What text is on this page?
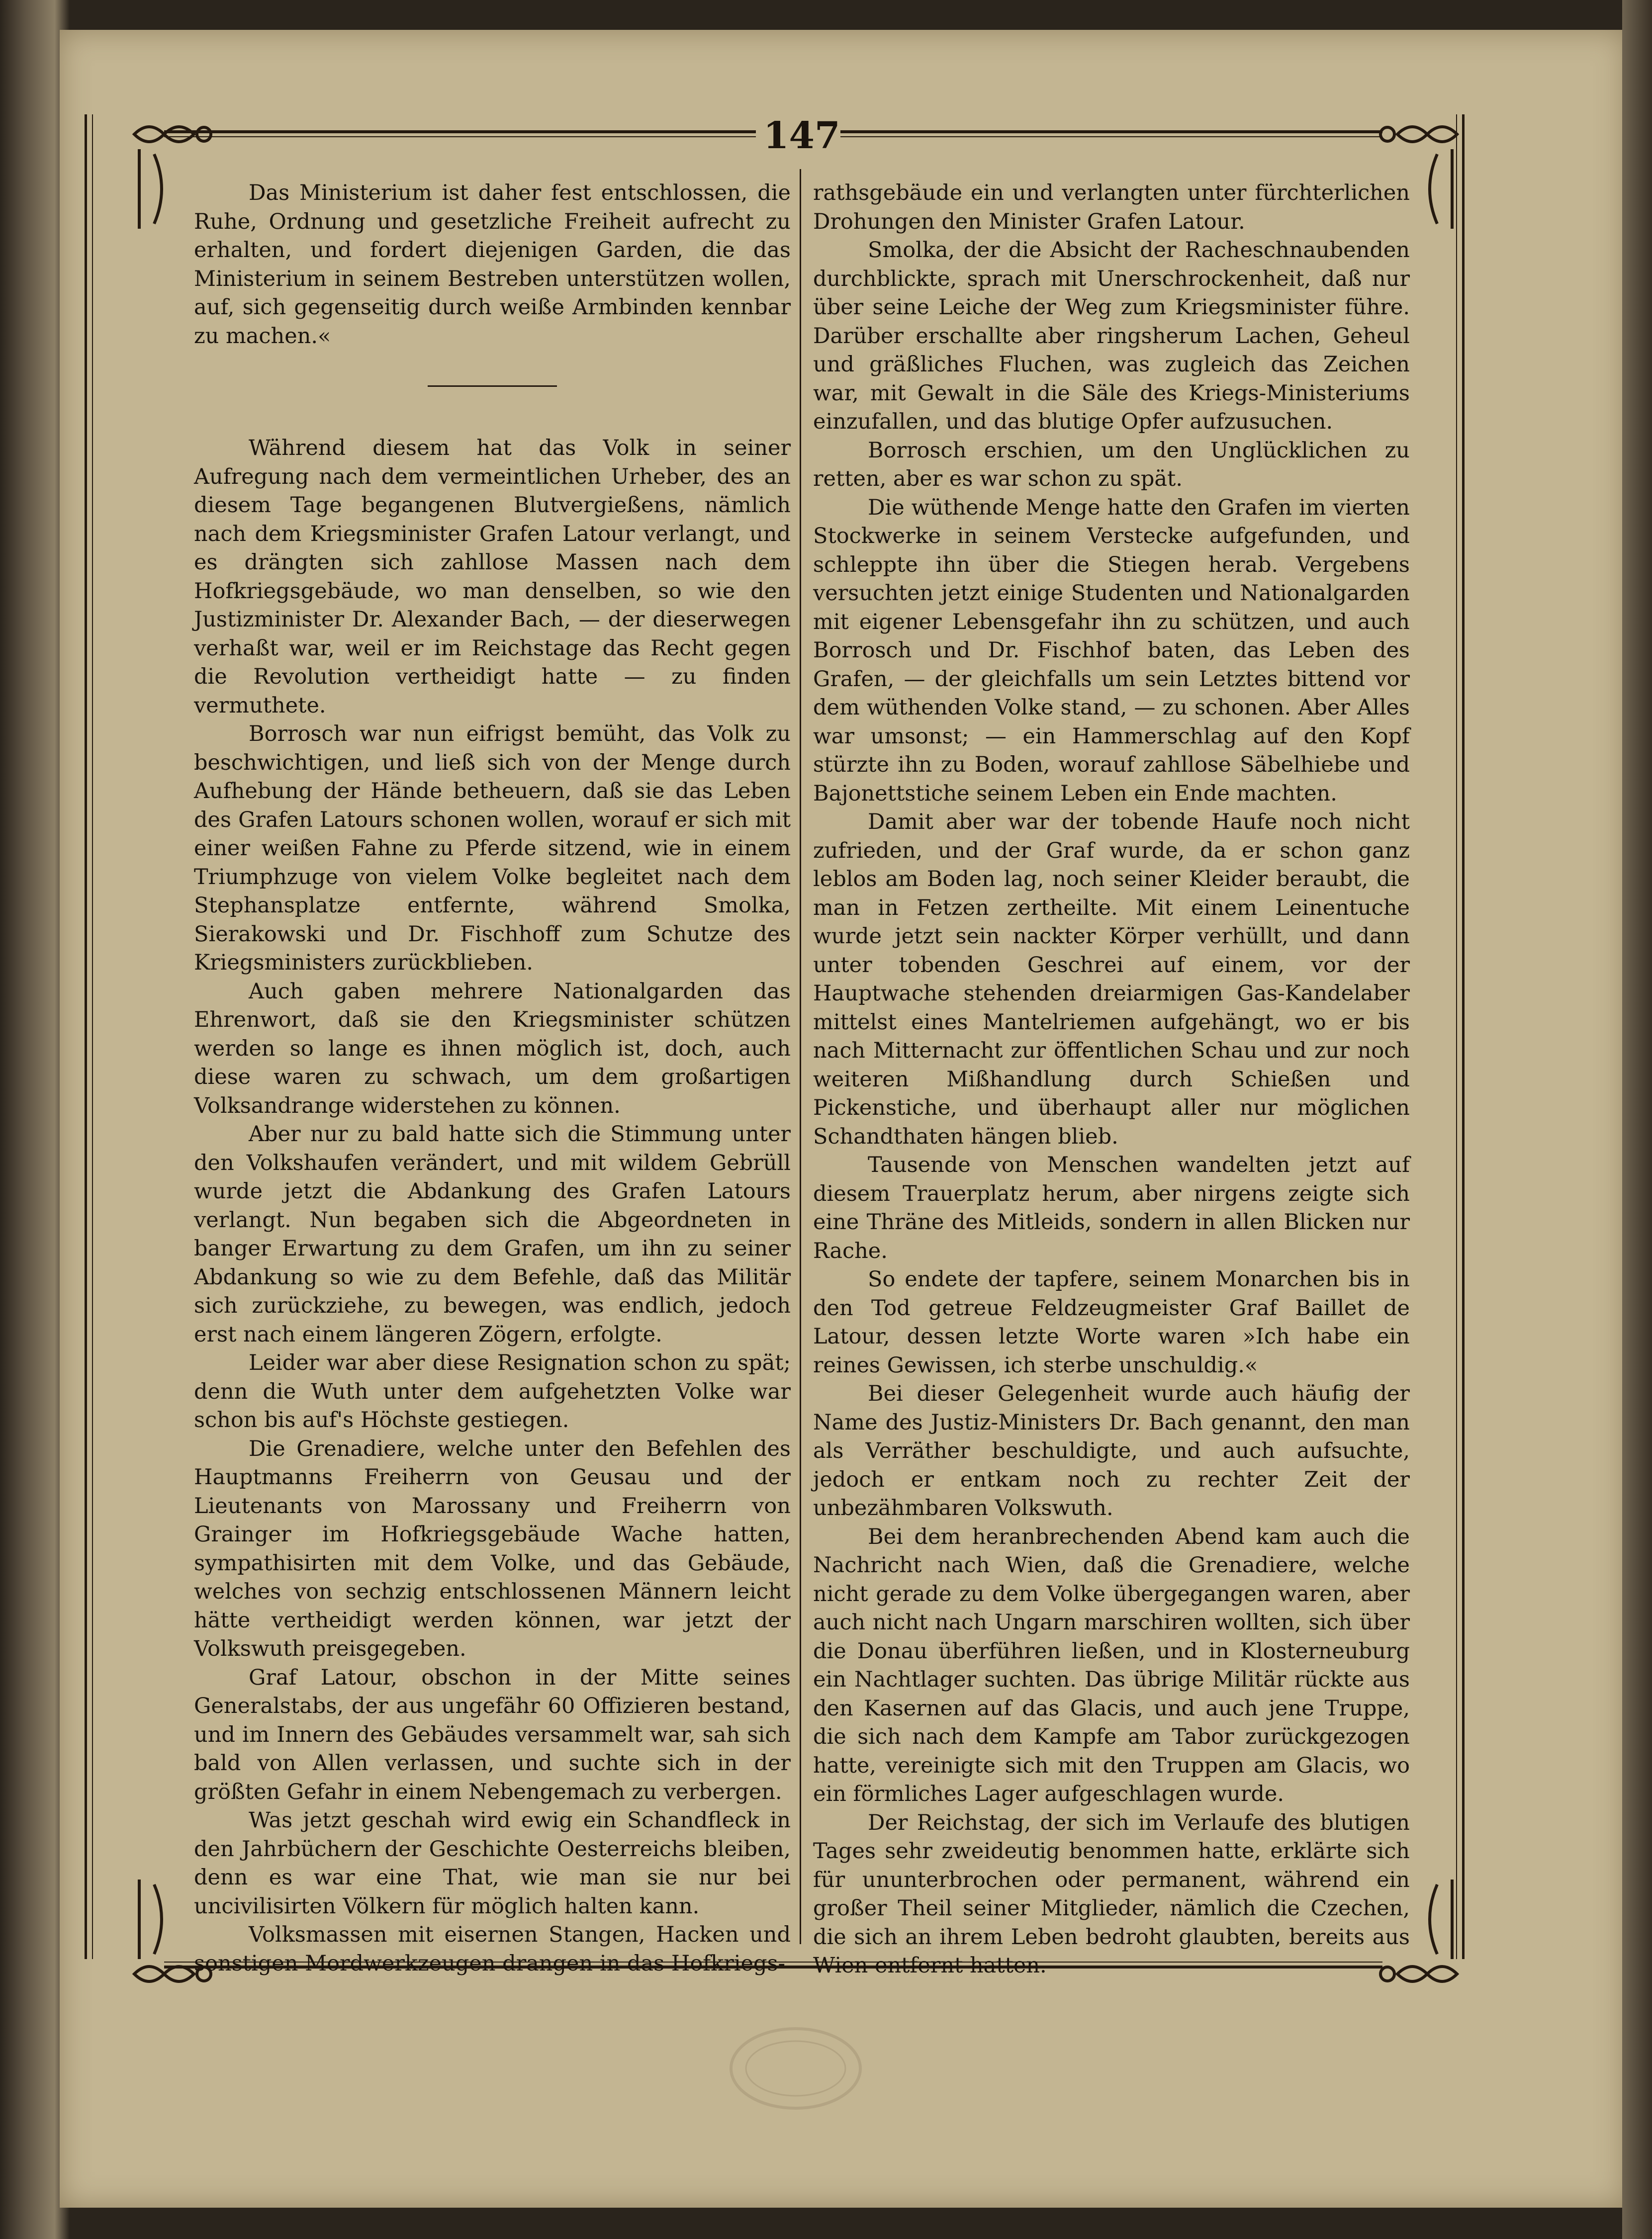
147

Das Ministerium ist daher fest entschlossen, die Ruhe, Ordnung und gesetzliche Freiheit aufrecht zu erhalten, und fordert diejenigen Garden, die das Ministerium in seinem Bestreben unterstützen wollen, auf, sich gegenseitig durch weiße Armbinden kennbar zu machen.«

Während diesem hat das Volk in seiner Aufregung nach dem vermeintlichen Urheber, des an diesem Tage begangenen Blutvergießens, nämlich nach dem Kriegsminister Grafen Latour verlangt, und es drängten sich zahllose Massen nach dem Hofkriegsgebäude, wo man denselben, so wie den Justizminister Dr. Alexander Bach, — der dieserwegen verhaßt war, weil er im Reichstage das Recht gegen die Revolution vertheidigt hatte — zu finden vermuthete.

Borrosch war nun eifrigst bemüht, das Volk zu beschwichtigen, und ließ sich von der Menge durch Aufhebung der Hände betheuern, daß sie das Leben des Grafen Latours schonen wollen, worauf er sich mit einer weißen Fahne zu Pferde sitzend, wie in einem Triumphzuge von vielem Volke begleitet nach dem Stephansplatze entfernte, während Smolka, Sierakowski und Dr. Fischhoff zum Schutze des Kriegsministers zurückblieben.

Auch gaben mehrere Nationalgarden das Ehrenwort, daß sie den Kriegsminister schützen werden so lange es ihnen möglich ist, doch, auch diese waren zu schwach, um dem großartigen Volksandrange widerstehen zu können.

Aber nur zu bald hatte sich die Stimmung unter den Volkshaufen verändert, und mit wildem Gebrüll wurde jetzt die Abdankung des Grafen Latours verlangt. Nun begaben sich die Abgeordneten in banger Erwartung zu dem Grafen, um ihn zu seiner Abdankung so wie zu dem Befehle, daß das Militär sich zurückziehe, zu bewegen, was endlich, jedoch erst nach einem längeren Zögern, erfolgte.

Leider war aber diese Resignation schon zu spät; denn die Wuth unter dem aufgehetzten Volke war schon bis auf's Höchste gestiegen.

Die Grenadiere, welche unter den Befehlen des Hauptmanns Freiherrn von Geusau und der Lieutenants von Marossany und Freiherrn von Grainger im Hofkriegsgebäude Wache hatten, sympathisirten mit dem Volke, und das Gebäude, welches von sechzig entschlossenen Männern leicht hätte vertheidigt werden können, war jetzt der Volkswuth preisgegeben.

Graf Latour, obschon in der Mitte seines Generalstabs, der aus ungefähr 60 Offizieren bestand, und im Innern des Gebäudes versammelt war, sah sich bald von Allen verlassen, und suchte sich in der größten Gefahr in einem Nebengemach zu verbergen.

Was jetzt geschah wird ewig ein Schandfleck in den Jahrbüchern der Geschichte Oesterreichs bleiben, denn es war eine That, wie man sie nur bei uncivilisirten Völkern für möglich halten kann.

Volksmassen mit eisernen Stangen, Hacken und sonstigen Mordwerkzeugen drangen in das Hofkriegs-

rathsgebäude ein und verlangten unter fürchterlichen Drohungen den Minister Grafen Latour.

Smolka, der die Absicht der Racheschnaubenden durchblickte, sprach mit Unerschrockenheit, daß nur über seine Leiche der Weg zum Kriegsminister führe. Darüber erschallte aber ringsherum Lachen, Geheul und gräßliches Fluchen, was zugleich das Zeichen war, mit Gewalt in die Säle des Kriegs-Ministeriums einzufallen, und das blutige Opfer aufzusuchen.

Borrosch erschien, um den Unglücklichen zu retten, aber es war schon zu spät.

Die wüthende Menge hatte den Grafen im vierten Stockwerke in seinem Verstecke aufgefunden, und schleppte ihn über die Stiegen herab. Vergebens versuchten jetzt einige Studenten und Nationalgarden mit eigener Lebensgefahr ihn zu schützen, und auch Borrosch und Dr. Fischhof baten, das Leben des Grafen, — der gleichfalls um sein Letztes bittend vor dem wüthenden Volke stand, — zu schonen. Aber Alles war umsonst; — ein Hammerschlag auf den Kopf stürzte ihn zu Boden, worauf zahllose Säbelhiebe und Bajonettstiche seinem Leben ein Ende machten.

Damit aber war der tobende Haufe noch nicht zufrieden, und der Graf wurde, da er schon ganz leblos am Boden lag, noch seiner Kleider beraubt, die man in Fetzen zertheilte. Mit einem Leinentuche wurde jetzt sein nackter Körper verhüllt, und dann unter tobenden Geschrei auf einem, vor der Hauptwache stehenden dreiarmigen Gas-Kandelaber mittelst eines Mantelriemen aufgehängt, wo er bis nach Mitternacht zur öffentlichen Schau und zur noch weiteren Mißhandlung durch Schießen und Pickenstiche, und überhaupt aller nur möglichen Schandthaten hängen blieb.

Tausende von Menschen wandelten jetzt auf diesem Trauerplatz herum, aber nirgens zeigte sich eine Thräne des Mitleids, sondern in allen Blicken nur Rache.

So endete der tapfere, seinem Monarchen bis in den Tod getreue Feldzeugmeister Graf Baillet de Latour, dessen letzte Worte waren »Ich habe ein reines Gewissen, ich sterbe unschuldig.«

Bei dieser Gelegenheit wurde auch häufig der Name des Justiz-Ministers Dr. Bach genannt, den man als Verräther beschuldigte, und auch aufsuchte, jedoch er entkam noch zu rechter Zeit der unbezähmbaren Volkswuth.

Bei dem heranbrechenden Abend kam auch die Nachricht nach Wien, daß die Grenadiere, welche nicht gerade zu dem Volke übergegangen waren, aber auch nicht nach Ungarn marschiren wollten, sich über die Donau überführen ließen, und in Klosterneuburg ein Nachtlager suchten. Das übrige Militär rückte aus den Kasernen auf das Glacis, und auch jene Truppe, die sich nach dem Kampfe am Tabor zurückgezogen hatte, vereinigte sich mit den Truppen am Glacis, wo ein förmliches Lager aufgeschlagen wurde.

Der Reichstag, der sich im Verlaufe des blutigen Tages sehr zweideutig benommen hatte, erklärte sich für ununterbrochen oder permanent, während ein großer Theil seiner Mitglieder, nämlich die Czechen, die sich an ihrem Leben bedroht glaubten, bereits aus Wien entfernt hatten.
